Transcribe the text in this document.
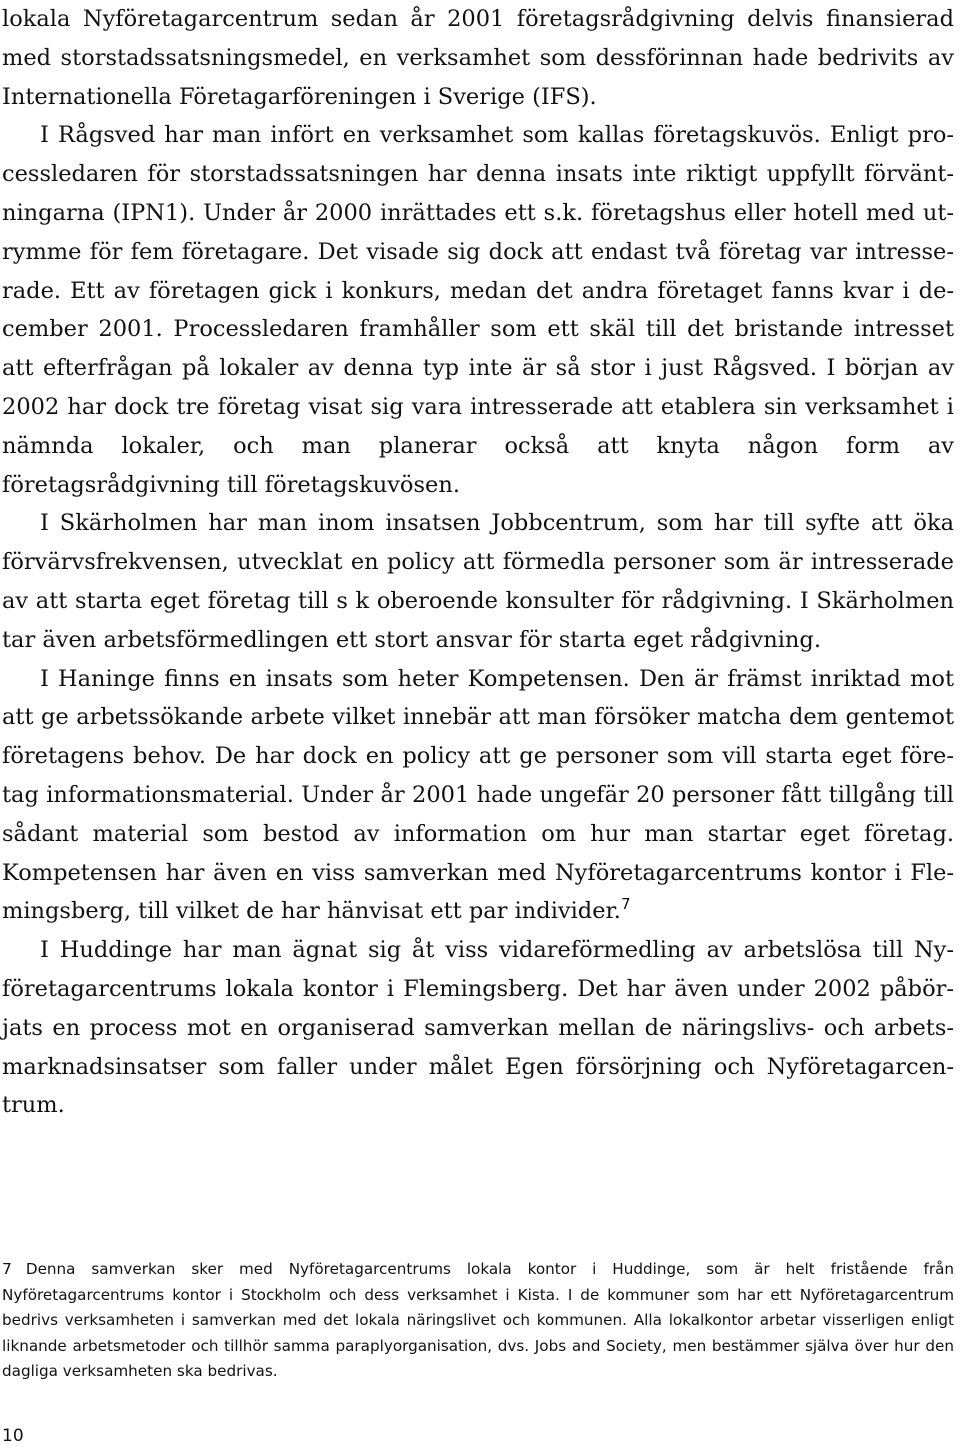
lokala Nyföretagarcentrum sedan år 2001 företagsrådgivning delvis finansierad med storstadssatsningsmedel, en verksamhet som dessförinnan hade bedrivits av Internationella Företagarföreningen i Sverige (IFS).

I Rågsved har man infört en verksamhet som kallas företagskuvös. Enligt processledaren för storstadssatsningen har denna insats inte riktigt uppfyllt förväntningarna (IPN1). Under år 2000 inrättades ett s.k. företagshus eller hotell med utrymme för fem företagare. Det visade sig dock att endast två företag var intresserade. Ett av företagen gick i konkurs, medan det andra företaget fanns kvar i december 2001. Processledaren framhåller som ett skäl till det bristande intresset att efterfrågan på lokaler av denna typ inte är så stor i just Rågsved. I början av 2002 har dock tre företag visat sig vara intresserade att etablera sin verksamhet i nämnda lokaler, och man planerar också att knyta någon form av företagsrådgivning till företagskuvösen.

I Skärholmen har man inom insatsen Jobbcentrum, som har till syfte att öka förvärvsfrekvensen, utvecklat en policy att förmedla personer som är intresserade av att starta eget företag till s k oberoende konsulter för rådgivning. I Skärholmen tar även arbetsförmedlingen ett stort ansvar för starta eget rådgivning.

I Haninge finns en insats som heter Kompetensen. Den är främst inriktad mot att ge arbetssökande arbete vilket innebär att man försöker matcha dem gentemot företagens behov. De har dock en policy att ge personer som vill starta eget företag informationsmaterial. Under år 2001 hade ungefär 20 personer fått tillgång till sådant material som bestod av information om hur man startar eget företag. Kompetensen har även en viss samverkan med Nyföretagarcentrums kontor i Flemingsberg, till vilket de har hänvisat ett par individer.$^7$

I Huddinge har man ägnat sig åt viss vidareförmedling av arbetslösa till Nyföretagarcentrums lokala kontor i Flemingsberg. Det har även under 2002 påbörjats en process mot en organiserad samverkan mellan de näringslivs- och arbetsmarknadsinsatser som faller under målet Egen försörjning och Nyföretagarcentrum.

7 Denna samverkan sker med Nyföretagarcentrums lokala kontor i Huddinge, som är helt fristående från Nyföretagarcentrums kontor i Stockholm och dess verksamhet i Kista. I de kommuner som har ett Nyföretagarcentrum bedrivs verksamheten i samverkan med det lokala näringslivet och kommunen. Alla lokalkontor arbetar visserligen enligt liknande arbetsmetoder och tillhör samma paraplyorganisation, dvs. Jobs and Society, men bestämmer själva över hur den dagliga verksamheten ska bedrivas.
10
